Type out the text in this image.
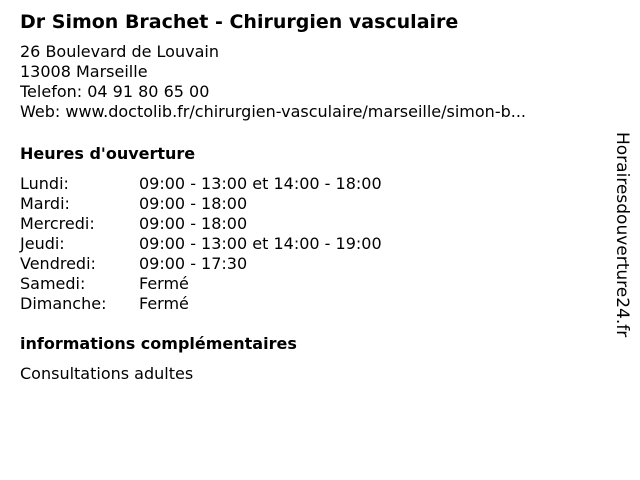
Dr Simon Brachet - Chirurgien vasculaire
26 Boulevard de Louvain
13008 Marseille
Telefon: 04 91 80 65 00
Web: www.doctolib.fr/chirurgien-vasculaire/marseille/simon-b...
Heures d'ouverture
Lundi:	09:00 - 13:00 et 14:00 - 18:00
Mardi:	09:00 - 18:00
Mercredi:	09:00 - 18:00
Jeudi:	09:00 - 13:00 et 14:00 - 19:00
Vendredi:	09:00 - 17:30
Samedi:	Fermé
Dimanche: Fermé
informations complémentaires
Consultations adultes
Horairesdouverture24.fr
